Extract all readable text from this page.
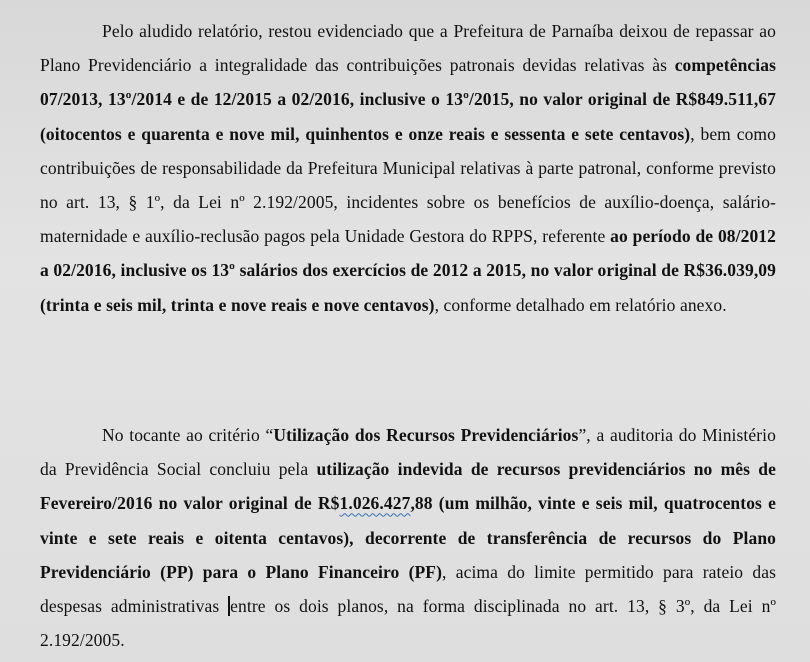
Pelo aludido relatório, restou evidenciado que a Prefeitura de Parnaíba deixou de repassar ao Plano Previdenciário a integralidade das contribuições patronais devidas relativas às competências 07/2013, 13º/2014 e de 12/2015 a 02/2016, inclusive o 13º/2015, no valor original de R$849.511,67 (oitocentos e quarenta e nove mil, quinhentos e onze reais e sessenta e sete centavos), bem como contribuições de responsabilidade da Prefeitura Municipal relativas à parte patronal, conforme previsto no art. 13, § 1º, da Lei nº 2.192/2005, incidentes sobre os benefícios de auxílio-doença, salário-maternidade e auxílio-reclusão pagos pela Unidade Gestora do RPPS, referente ao período de 08/2012 a 02/2016, inclusive os 13º salários dos exercícios de 2012 a 2015, no valor original de R$36.039,09 (trinta e seis mil, trinta e nove reais e nove centavos), conforme detalhado em relatório anexo.

No tocante ao critério “Utilização dos Recursos Previdenciários”, a auditoria do Ministério da Previdência Social concluiu pela utilização indevida de recursos previdenciários no mês de Fevereiro/2016 no valor original de R$1.026.427,88 (um milhão, vinte e seis mil, quatrocentos e vinte e sete reais e oitenta centavos), decorrente de transferência de recursos do Plano Previdenciário (PP) para o Plano Financeiro (PF), acima do limite permitido para rateio das despesas administrativas entre os dois planos, na forma disciplinada no art. 13, § 3º, da Lei nº 2.192/2005.
